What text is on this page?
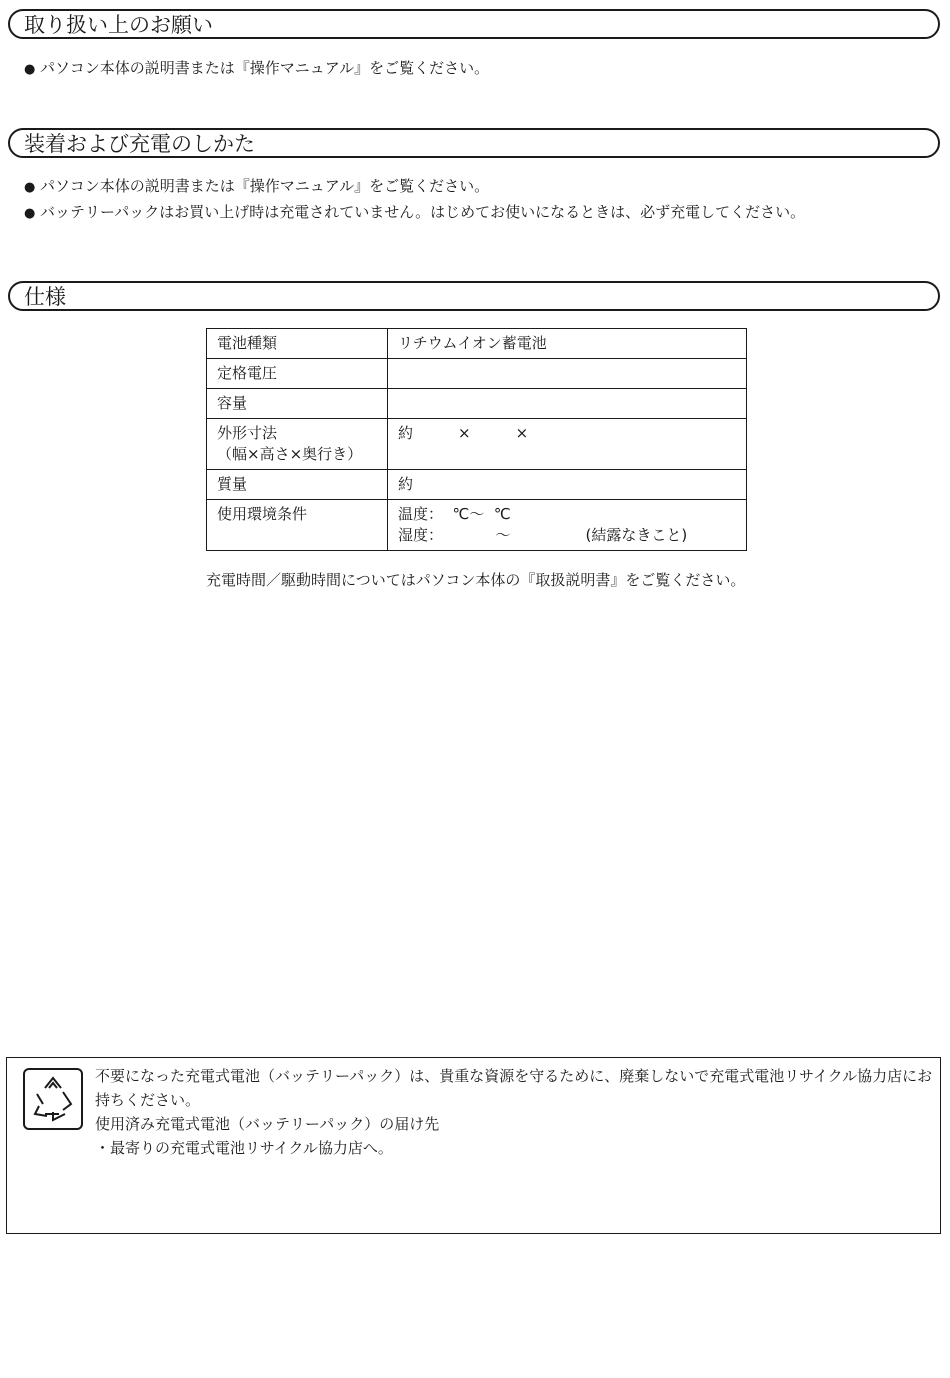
取り扱い上のお願い
● パソコン本体の説明書または『操作マニュアル』をご覧ください。
装着および充電のしかた
● パソコン本体の説明書または『操作マニュアル』をご覧ください。
● バッテリーパックはお買い上げ時は充電されていません。はじめてお使いになるときは、必ず充電してください。
仕様
電池種類	リチウムイオン蓄電池
定格電圧	
容量	

外形寸法
（幅×高さ×奥行き）	約　　　×　　　×
質量	約
使用環境条件	温度：  ℃〜  ℃
湿度：　　　　〜　　　　　(結露なきこと)
充電時間／駆動時間についてはパソコン本体の『取扱説明書』をご覧ください。

不要になった充電式電池（バッテリーパック）は、貴重な資源を守るために、廃棄しないで充電式電池リサイクル協力店にお持ちください。

使用済み充電式電池（バッテリーパック）の届け先

・最寄りの充電式電池リサイクル協力店へ。
